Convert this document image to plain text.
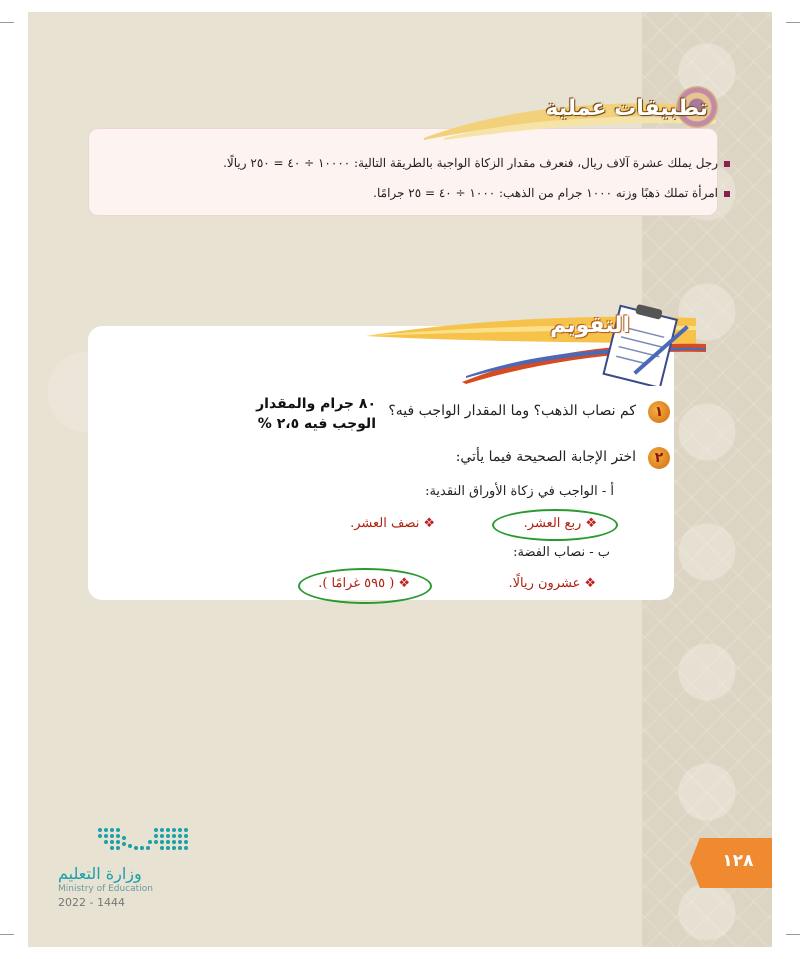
تطبيقات عملية
رجل يملك عشرة آلاف ريال، فنعرف مقدار الزكاة الواجبة بالطريقة التالية: ١٠٠٠٠ ÷ ٤٠ = ٢٥٠ ريالًا.
امرأة تملك ذهبًا وزنه ١٠٠٠ جرام من الذهب: ١٠٠٠ ÷ ٤٠ = ٢٥ جرامًا.
التقويم
١
كم نصاب الذهب؟ وما المقدار الواجب فيه؟
٨٠ جرام والمقدار
الوجب فيه ٢،٥ %
٢
اختر الإجابة الصحيحة فيما يأتي:
أ - الواجب في زكاة الأوراق النقدية:
❖ربع العشر.
❖نصف العشر.
ب - نصاب الفضة:
❖عشرون ريالًا.
❖( ٥٩٥ غرامًا ).
١٢٨
وزارة التعليم
Ministry of Education
2022 - 1444
